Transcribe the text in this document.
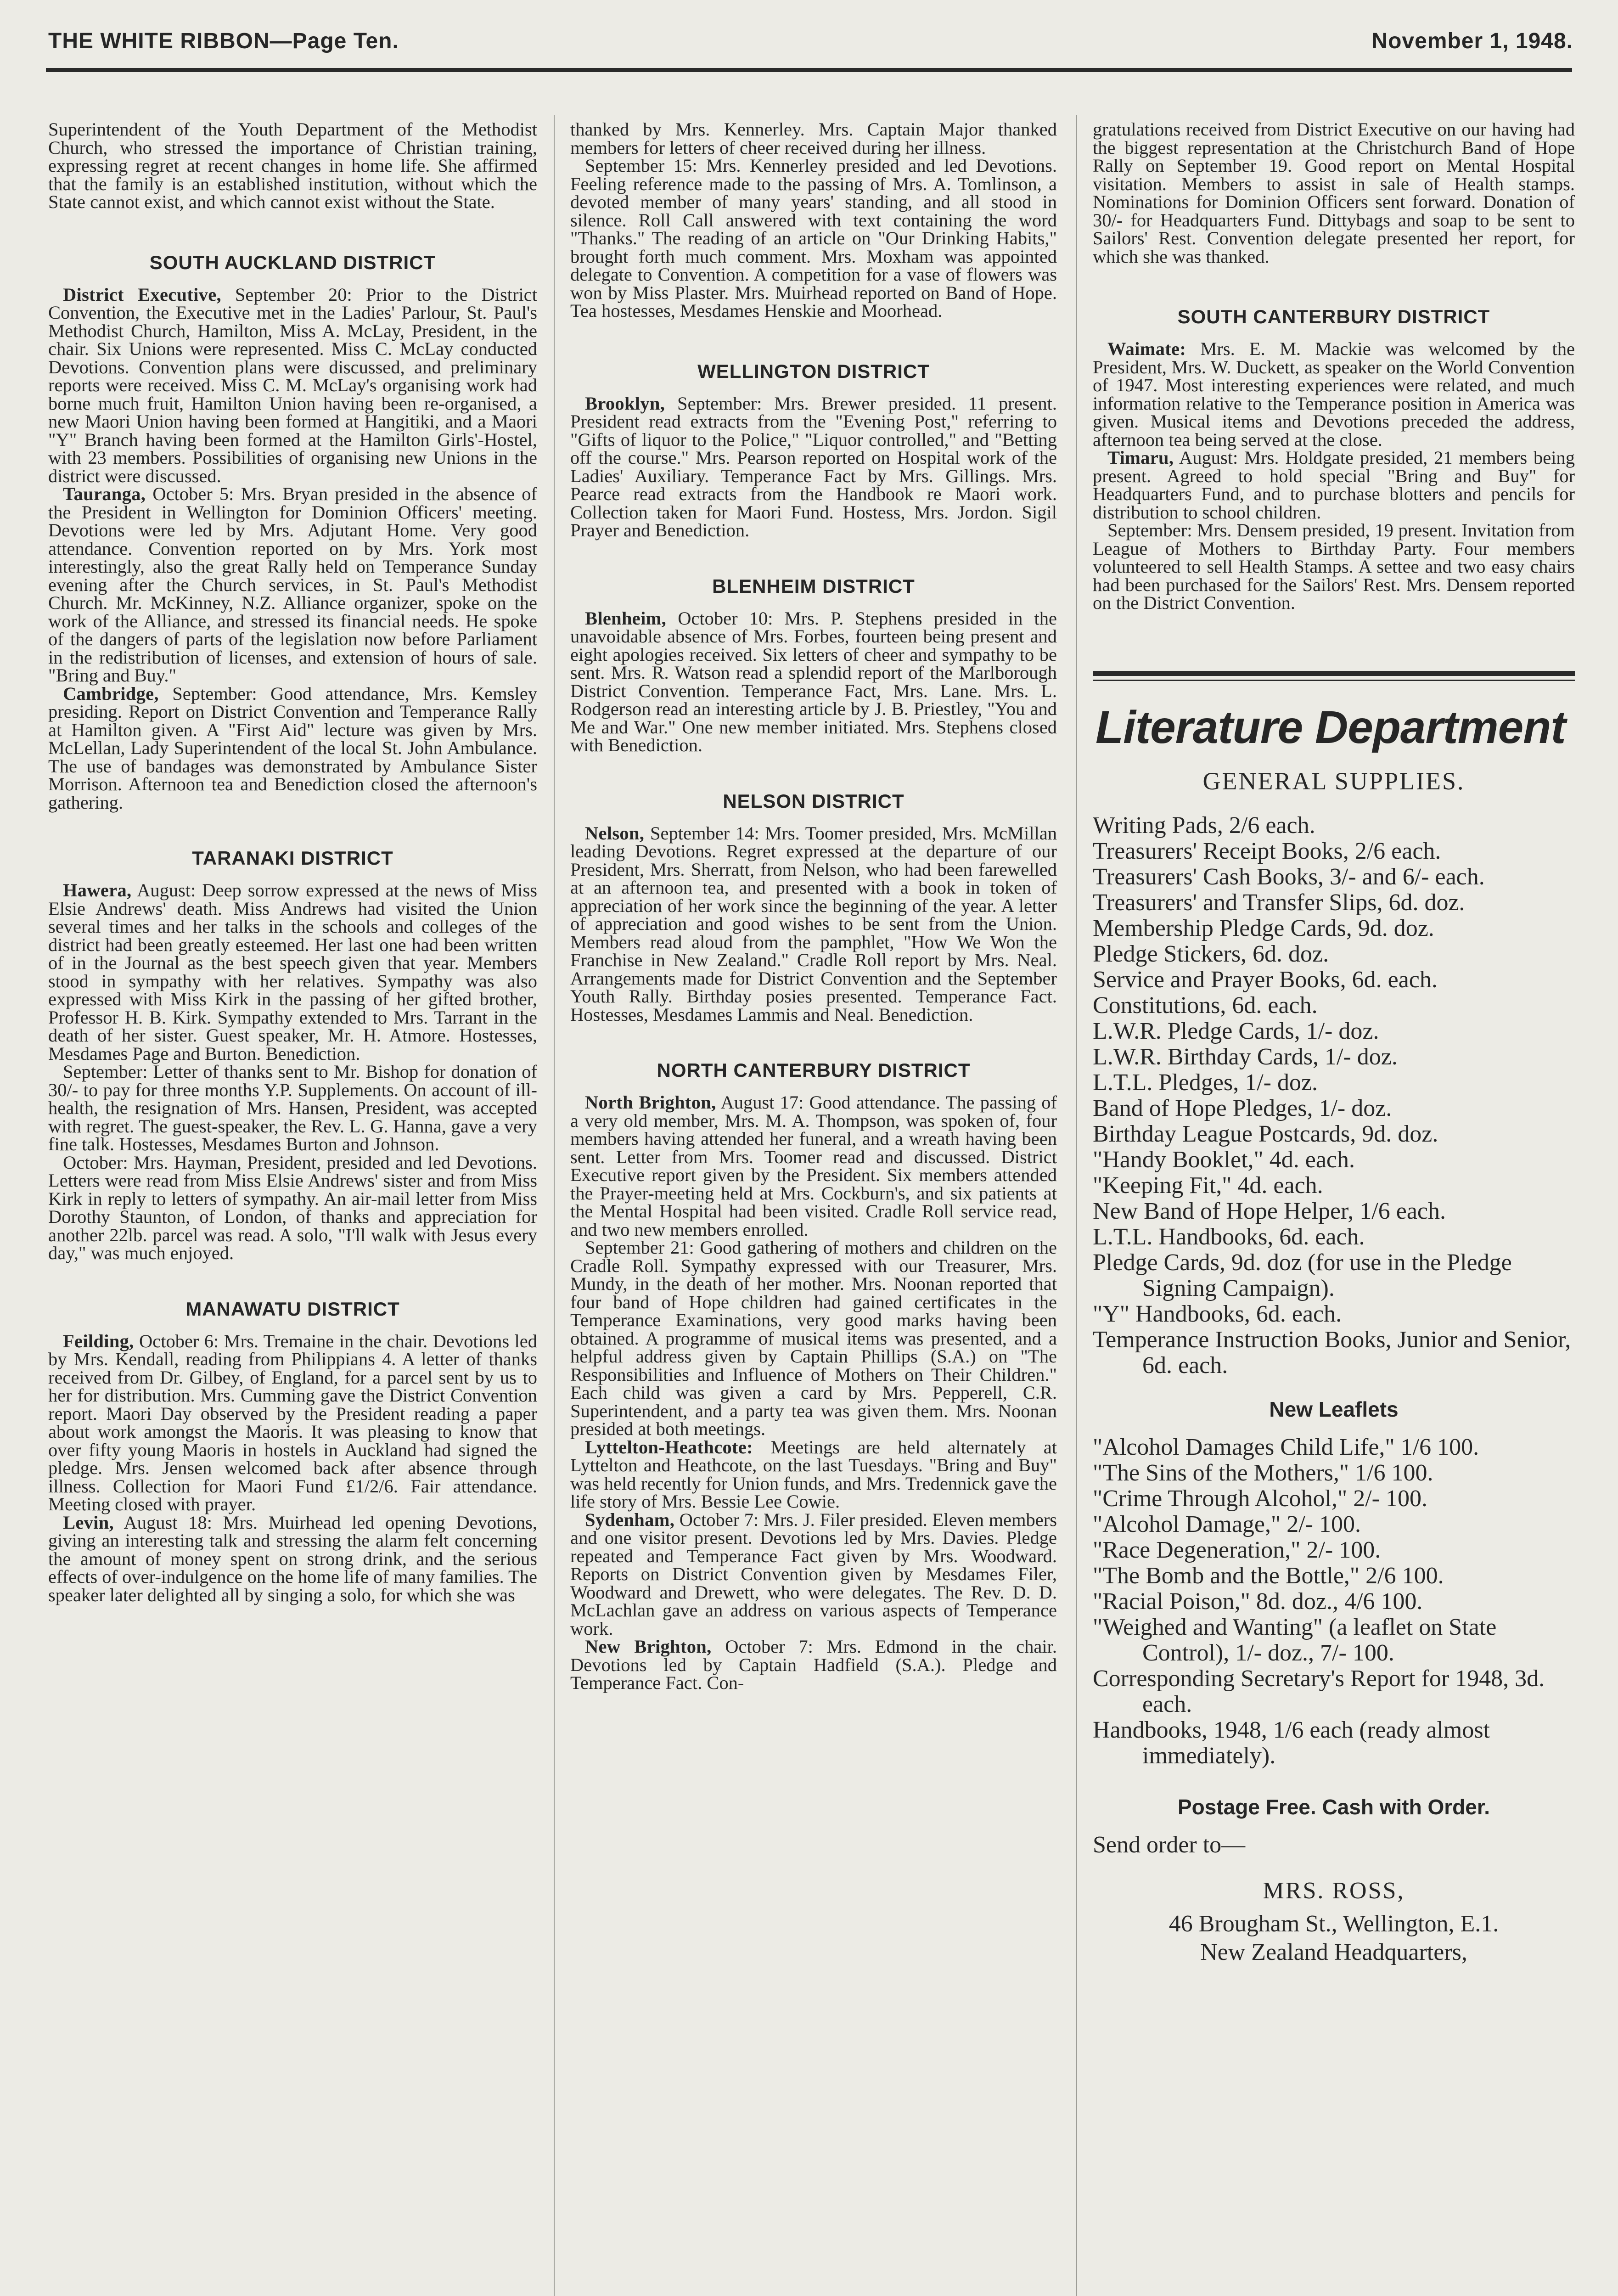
THE WHITE RIBBON—Page Ten.	November 1, 1948.

Superintendent of the Youth Department of the Methodist Church, who stressed the importance of Christian training, expressing regret at recent changes in home life. She affirmed that the family is an established institution, without which the State cannot exist, and which cannot exist without the State.

SOUTH AUCKLAND DISTRICT

District Executive, September 20: Prior to the District Convention, the Executive met in the Ladies' Parlour, St. Paul's Methodist Church, Hamilton, Miss A. McLay, President, in the chair. Six Unions were represented. Miss C. McLay conducted Devotions. Convention plans were discussed, and preliminary reports were received. Miss C. M. McLay's organising work had borne much fruit, Hamilton Union having been re-organised, a new Maori Union having been formed at Hangitiki, and a Maori "Y" Branch having been formed at the Hamilton Girls'-Hostel, with 23 members. Possibilities of organising new Unions in the district were discussed.

Tauranga, October 5: Mrs. Bryan presided in the absence of the President in Wellington for Dominion Officers' meeting. Devotions were led by Mrs. Adjutant Home. Very good attendance. Convention reported on by Mrs. York most interestingly, also the great Rally held on Temperance Sunday evening after the Church services, in St. Paul's Methodist Church. Mr. McKinney, N.Z. Alliance organizer, spoke on the work of the Alliance, and stressed its financial needs. He spoke of the dangers of parts of the legislation now before Parliament in the redistribution of licenses, and extension of hours of sale. "Bring and Buy."

Cambridge, September: Good attendance, Mrs. Kemsley presiding. Report on District Convention and Temperance Rally at Hamilton given. A "First Aid" lecture was given by Mrs. McLellan, Lady Superintendent of the local St. John Ambulance. The use of bandages was demonstrated by Ambulance Sister Morrison. Afternoon tea and Benediction closed the afternoon's gathering.

TARANAKI DISTRICT

Hawera, August: Deep sorrow expressed at the news of Miss Elsie Andrews' death. Miss Andrews had visited the Union several times and her talks in the schools and colleges of the district had been greatly esteemed. Her last one had been written of in the Journal as the best speech given that year. Members stood in sympathy with her relatives. Sympathy was also expressed with Miss Kirk in the passing of her gifted brother, Professor H. B. Kirk. Sympathy extended to Mrs. Tarrant in the death of her sister. Guest speaker, Mr. H. Atmore. Hostesses, Mesdames Page and Burton. Benediction.

September: Letter of thanks sent to Mr. Bishop for donation of 30/- to pay for three months Y.P. Supplements. On account of ill-health, the resignation of Mrs. Hansen, President, was accepted with regret. The guest-speaker, the Rev. L. G. Hanna, gave a very fine talk. Hostesses, Mesdames Burton and Johnson.

October: Mrs. Hayman, President, presided and led Devotions. Letters were read from Miss Elsie Andrews' sister and from Miss Kirk in reply to letters of sympathy. An air-mail letter from Miss Dorothy Staunton, of London, of thanks and appreciation for another 22lb. parcel was read. A solo, "I'll walk with Jesus every day," was much enjoyed.

MANAWATU DISTRICT

Feilding, October 6: Mrs. Tremaine in the chair. Devotions led by Mrs. Kendall, reading from Philippians 4. A letter of thanks received from Dr. Gilbey, of England, for a parcel sent by us to her for distribution. Mrs. Cumming gave the District Convention report. Maori Day observed by the President reading a paper about work amongst the Maoris. It was pleasing to know that over fifty young Maoris in hostels in Auckland had signed the pledge. Mrs. Jensen welcomed back after absence through illness. Collection for Maori Fund £1/2/6. Fair attendance. Meeting closed with prayer.

Levin, August 18: Mrs. Muirhead led opening Devotions, giving an interesting talk and stressing the alarm felt concerning the amount of money spent on strong drink, and the serious effects of over-indulgence on the home life of many families. The speaker later delighted all by singing a solo, for which she was

thanked by Mrs. Kennerley. Mrs. Captain Major thanked members for letters of cheer received during her illness.

September 15: Mrs. Kennerley presided and led Devotions. Feeling reference made to the passing of Mrs. A. Tomlinson, a devoted member of many years' standing, and all stood in silence. Roll Call answered with text containing the word "Thanks." The reading of an article on "Our Drinking Habits," brought forth much comment. Mrs. Moxham was appointed delegate to Convention. A competition for a vase of flowers was won by Miss Plaster. Mrs. Muirhead reported on Band of Hope. Tea hostesses, Mesdames Henskie and Moorhead.

WELLINGTON DISTRICT

Brooklyn, September: Mrs. Brewer presided. 11 present. President read extracts from the "Evening Post," referring to "Gifts of liquor to the Police," "Liquor controlled," and "Betting off the course." Mrs. Pearson reported on Hospital work of the Ladies' Auxiliary. Temperance Fact by Mrs. Gillings. Mrs. Pearce read extracts from the Handbook re Maori work. Collection taken for Maori Fund. Hostess, Mrs. Jordon. Sigil Prayer and Benediction.

BLENHEIM DISTRICT

Blenheim, October 10: Mrs. P. Stephens presided in the unavoidable absence of Mrs. Forbes, fourteen being present and eight apologies received. Six letters of cheer and sympathy to be sent. Mrs. R. Watson read a splendid report of the Marlborough District Convention. Temperance Fact, Mrs. Lane. Mrs. L. Rodgerson read an interesting article by J. B. Priestley, "You and Me and War." One new member initiated. Mrs. Stephens closed with Benediction.

NELSON DISTRICT

Nelson, September 14: Mrs. Toomer presided, Mrs. McMillan leading Devotions. Regret expressed at the departure of our President, Mrs. Sherratt, from Nelson, who had been farewelled at an afternoon tea, and presented with a book in token of appreciation of her work since the beginning of the year. A letter of appreciation and good wishes to be sent from the Union. Members read aloud from the pamphlet, "How We Won the Franchise in New Zealand." Cradle Roll report by Mrs. Neal. Arrangements made for District Convention and the September Youth Rally. Birthday posies presented. Temperance Fact. Hostesses, Mesdames Lammis and Neal. Benediction.

NORTH CANTERBURY DISTRICT

North Brighton, August 17: Good attendance. The passing of a very old member, Mrs. M. A. Thompson, was spoken of, four members having attended her funeral, and a wreath having been sent. Letter from Mrs. Toomer read and discussed. District Executive report given by the President. Six members attended the Prayer-meeting held at Mrs. Cockburn's, and six patients at the Mental Hospital had been visited. Cradle Roll service read, and two new members enrolled.

September 21: Good gathering of mothers and children on the Cradle Roll. Sympathy expressed with our Treasurer, Mrs. Mundy, in the death of her mother. Mrs. Noonan reported that four band of Hope children had gained certificates in the Temperance Examinations, very good marks having been obtained. A programme of musical items was presented, and a helpful address given by Captain Phillips (S.A.) on "The Responsibilities and Influence of Mothers on Their Children." Each child was given a card by Mrs. Pepperell, C.R. Superintendent, and a party tea was given them. Mrs. Noonan presided at both meetings.

Lyttelton-Heathcote: Meetings are held alternately at Lyttelton and Heathcote, on the last Tuesdays. "Bring and Buy" was held recently for Union funds, and Mrs. Tredennick gave the life story of Mrs. Bessie Lee Cowie.

Sydenham, October 7: Mrs. J. Filer presided. Eleven members and one visitor present. Devotions led by Mrs. Davies. Pledge repeated and Temperance Fact given by Mrs. Woodward. Reports on District Convention given by Mesdames Filer, Woodward and Drewett, who were delegates. The Rev. D. D. McLachlan gave an address on various aspects of Temperance work.

New Brighton, October 7: Mrs. Edmond in the chair. Devotions led by Captain Hadfield (S.A.). Pledge and Temperance Fact. Con-

gratulations received from District Executive on our having had the biggest representation at the Christchurch Band of Hope Rally on September 19. Good report on Mental Hospital visitation. Members to assist in sale of Health stamps. Nominations for Dominion Officers sent forward. Donation of 30/- for Headquarters Fund. Dittybags and soap to be sent to Sailors' Rest. Convention delegate presented her report, for which she was thanked.

SOUTH CANTERBURY DISTRICT

Waimate: Mrs. E. M. Mackie was welcomed by the President, Mrs. W. Duckett, as speaker on the World Convention of 1947. Most interesting experiences were related, and much information relative to the Temperance position in America was given. Musical items and Devotions preceded the address, afternoon tea being served at the close.

Timaru, August: Mrs. Holdgate presided, 21 members being present. Agreed to hold special "Bring and Buy" for Headquarters Fund, and to purchase blotters and pencils for distribution to school children.

September: Mrs. Densem presided, 19 present. Invitation from League of Mothers to Birthday Party. Four members volunteered to sell Health Stamps. A settee and two easy chairs had been purchased for the Sailors' Rest. Mrs. Densem reported on the District Convention.

Literature Department
GENERAL SUPPLIES.
Writing Pads, 2/6 each.
Treasurers' Receipt Books, 2/6 each.
Treasurers' Cash Books, 3/- and 6/- each.
Treasurers' and Transfer Slips, 6d. doz.
Membership Pledge Cards, 9d. doz.
Pledge Stickers, 6d. doz.
Service and Prayer Books, 6d. each.
Constitutions, 6d. each.
L.W.R. Pledge Cards, 1/- doz.
L.W.R. Birthday Cards, 1/- doz.
L.T.L. Pledges, 1/- doz.
Band of Hope Pledges, 1/- doz.
Birthday League Postcards, 9d. doz.
"Handy Booklet," 4d. each.
"Keeping Fit," 4d. each.
New Band of Hope Helper, 1/6 each.
L.T.L. Handbooks, 6d. each.
Pledge Cards, 9d. doz (for use in the Pledge Signing Campaign).
"Y" Handbooks, 6d. each.
Temperance Instruction Books, Junior and Senior, 6d. each.
New Leaflets
"Alcohol Damages Child Life," 1/6 100.
"The Sins of the Mothers," 1/6 100.
"Crime Through Alcohol," 2/- 100.
"Alcohol Damage," 2/- 100.
"Race Degeneration," 2/- 100.
"The Bomb and the Bottle," 2/6 100.
"Racial Poison," 8d. doz., 4/6 100.
"Weighed and Wanting" (a leaflet on State Control), 1/- doz., 7/- 100.
Corresponding Secretary's Report for 1948, 3d. each.
Handbooks, 1948, 1/6 each (ready almost immediately).
Postage Free. Cash with Order.
Send order to—
MRS. ROSS,
46 Brougham St., Wellington, E.1.
New Zealand Headquarters,
